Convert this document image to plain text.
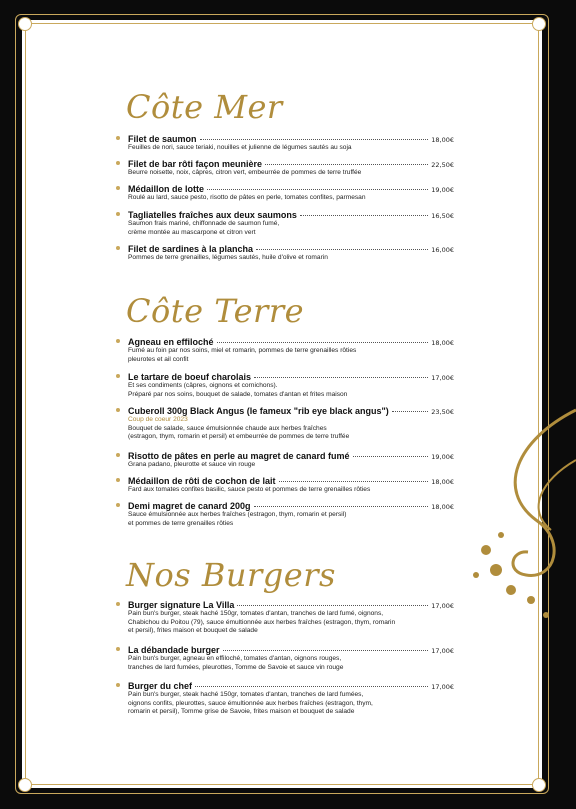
Côte Mer
Filet de saumon	18,00€
Feuilles de nori, sauce teriaki, nouilles et julienne de légumes sautés au soja
Filet de bar rôti façon meunière	22,50€
Beurre noisette, noix, câpres, citron vert, embeurrée de pommes de terre truffée
Médaillon de lotte	19,00€
Roulé au lard, sauce pesto, risotto de pâtes en perle, tomates confites, parmesan
Tagliatelles fraîches aux deux saumons	16,50€
Saumon frais mariné, chiffonnade de saumon fumé,
crème montée au mascarpone et citron vert
Filet de sardines à la plancha	16,00€
Pommes de terre grenailles, légumes sautés, huile d'olive et romarin
Côte Terre
Agneau en effiloché	18,00€
Fumé au foin par nos soins, miel et romarin, pommes de terre grenailles rôties
pleurotes et ail confit
Le tartare de boeuf charolais	17,00€
Et ses condiments (câpres, oignons et cornichons).
Préparé par nos soins, bouquet de salade, tomates d'antan et frites maison
Cuberoll 300g Black Angus (le fameux "rib eye black angus")	23,50€
Coup de coeur 2023
Bouquet de salade, sauce émulsionnée chaude aux herbes fraîches
(estragon, thym, romarin et persil) et embeurrée de pommes de terre truffée
Risotto de pâtes en perle au magret de canard fumé	19,00€
Grana padano, pleurotte et sauce vin rouge
Médaillon de rôti de cochon de lait	18,00€
Fard aux tomates confites basilic, sauce pesto et pommes de terre grenailles rôties
Demi magret de canard 200g	18,00€
Sauce émulsionnée aux herbes fraîches (estragon, thym, romarin et persil)
et pommes de terre grenailles rôties
Nos Burgers
Burger signature La Villa	17,00€
Pain bun's burger, steak haché 150gr, tomates d'antan, tranches de lard fumé, oignons,
Chabichou du Poitou (79), sauce émultionnée aux herbes fraîches (estragon, thym, romarin
et persil), frites maison et bouquet de salade
La débandade burger	17,00€
Pain bun's burger, agneau en effiloché, tomates d'antan, oignons rouges,
tranches de lard fumées, pleurottes, Tomme de Savoie et sauce vin rouge
Burger du chef	17,00€
Pain bun's burger, steak haché 150gr, tomates d'antan, tranches de lard fumées,
oignons confits, pleurottes, sauce émultionnée aux herbes fraîches (estragon, thym,
romarin et persil), Tomme grise de Savoie, frites maison et bouquet de salade
